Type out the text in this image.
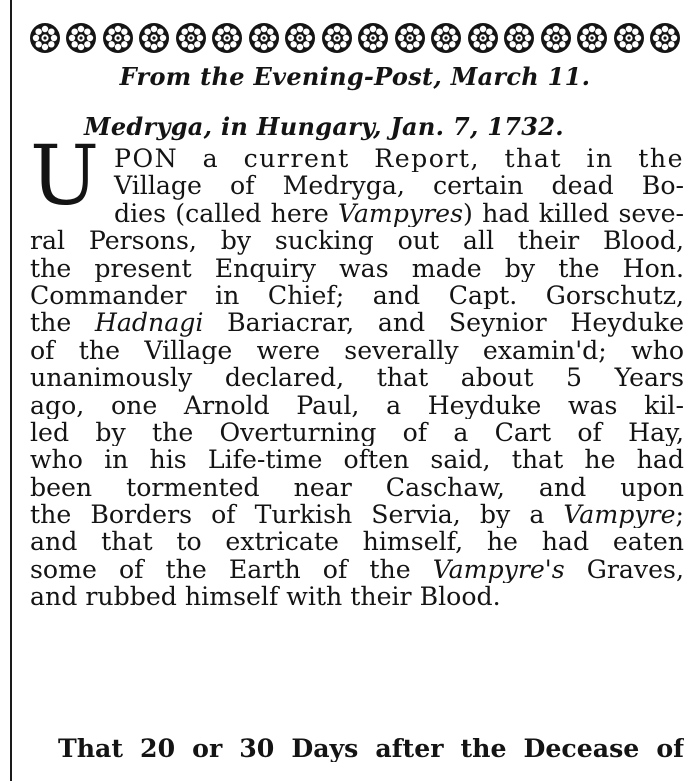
From the Evening-Post, March 11.
Medryga, in Hungary, Jan. 7, 1732.
U PON a current Report, that in the
Village of Medryga, certain dead Bo-
dies (called here Vampyres) had killed seve-
ral Persons, by sucking out all their Blood,
the present Enquiry was made by the Hon.
Commander in Chief; and Capt. Gorschutz,
the Hadnagi Bariacrar, and Seynior Heyduke
of the Village were severally examin'd; who
unanimously declared, that about 5 Years
ago, one Arnold Paul, a Heyduke was kil-
led by the Overturning of a Cart of Hay,
who in his Life-time often said, that he had
been tormented near Caschaw, and upon
the Borders of Turkish Servia, by a Vampyre;
and that to extricate himself, he had eaten
some of the Earth of the Vampyre's Graves,
and rubbed himself with their Blood.
That 20 or 30 Days after the Decease of
